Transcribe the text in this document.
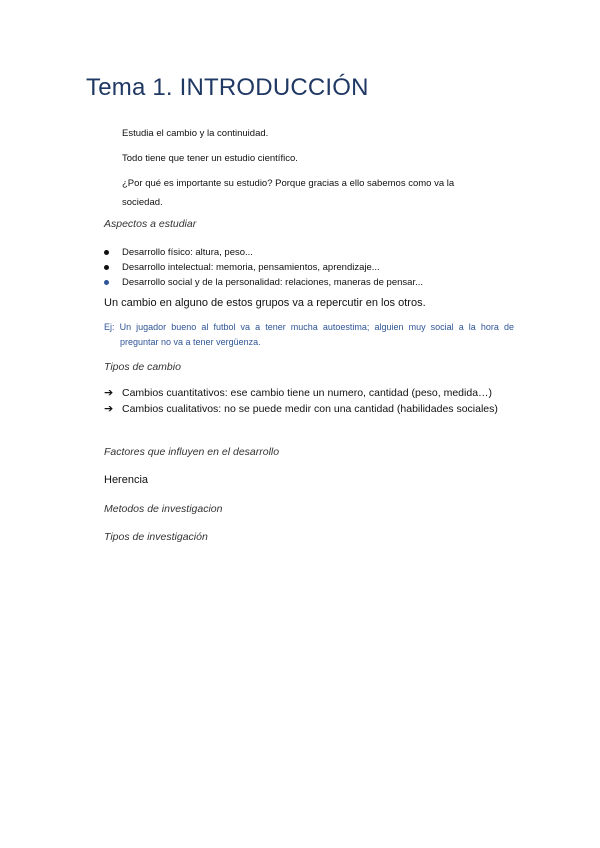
Tema 1. INTRODUCCIÓN
Estudia el cambio y la continuidad.
Todo tiene que tener un estudio científico.
¿Por qué es importante su estudio? Porque gracias a ello sabemos como va la
sociedad.
Aspectos a estudiar
Desarrollo físico: altura, peso...
Desarrollo intelectual: memoria, pensamientos, aprendizaje...
Desarrollo social y de la personalidad: relaciones, maneras de pensar...
Un cambio en alguno de estos grupos va a repercutir en los otros.
Ej: Un jugador bueno al futbol va a tener mucha autoestima; alguien muy social a la hora de
preguntar no va a tener vergüenza.
Tipos de cambio
➔ Cambios cuantitativos: ese cambio tiene un numero, cantidad (peso, medida…)
➔ Cambios cualitativos: no se puede medir con una cantidad (habilidades sociales)
Factores que influyen en el desarrollo
Herencia
Metodos de investigacion
Tipos de investigación
